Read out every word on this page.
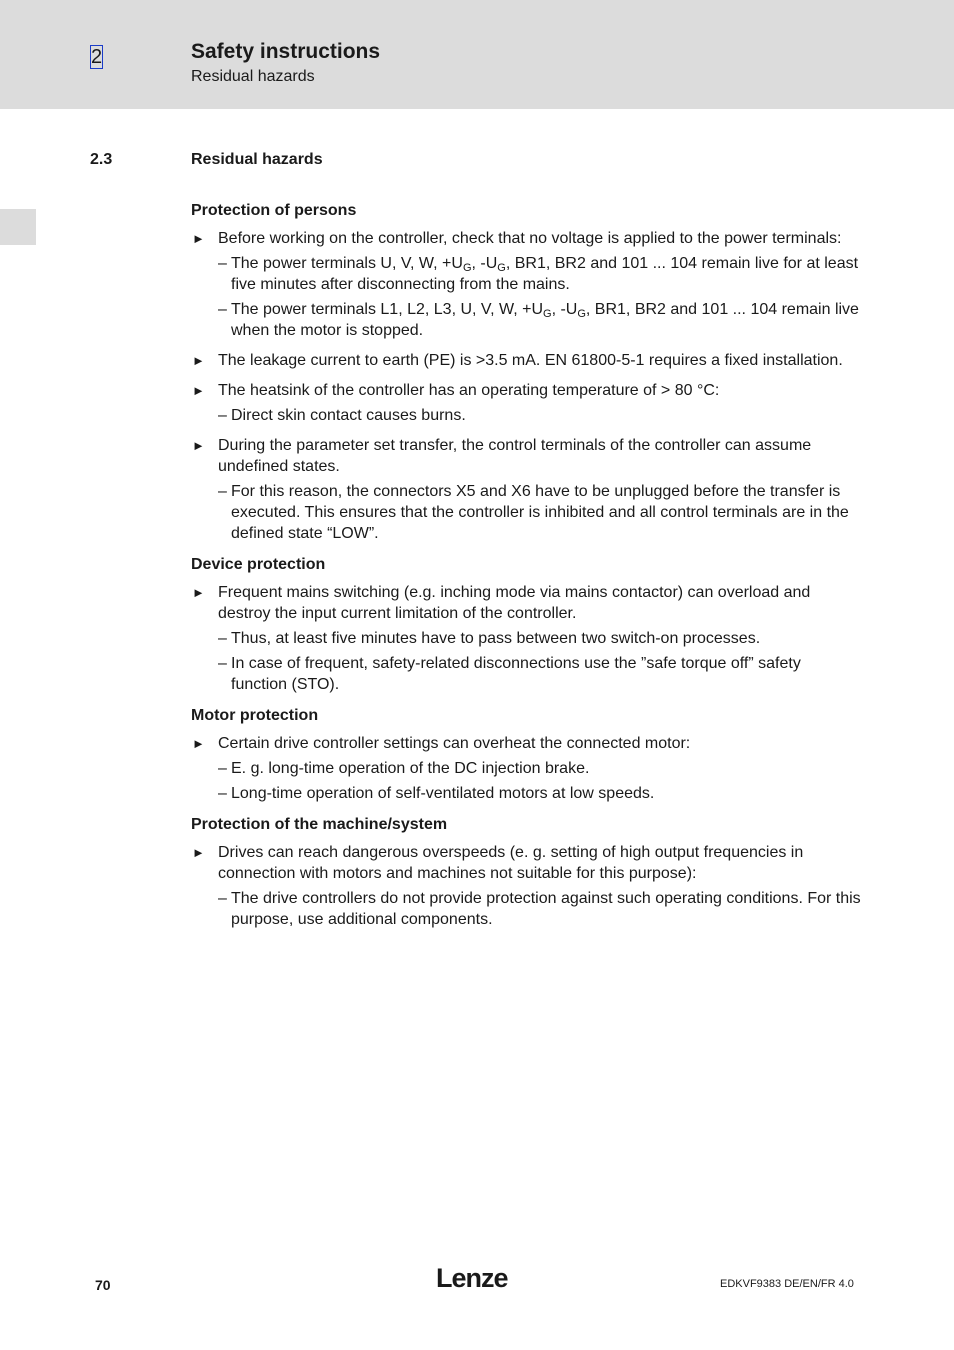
2	Safety instructions
Residual hazards
2.3	Residual hazards
Protection of persons
► Before working on the controller, check that no voltage is applied to the power terminals:
– The power terminals U, V, W, $+U_G$, $-U_G$, BR1, BR2 and 101 ... 104 remain live for at least five minutes after disconnecting from the mains.
– The power terminals L1, L2, L3, U, V, W, $+U_G$, $-U_G$, BR1, BR2 and 101 ... 104 remain live when the motor is stopped.
► The leakage current to earth (PE) is >3.5 mA. EN 61800-5-1 requires a fixed installation.
► The heatsink of the controller has an operating temperature of > 80 °C:
– Direct skin contact causes burns.
► During the parameter set transfer, the control terminals of the controller can assume undefined states.
– For this reason, the connectors X5 and X6 have to be unplugged before the transfer is executed. This ensures that the controller is inhibited and all control terminals are in the defined state “LOW”.
Device protection
► Frequent mains switching (e.g. inching mode via mains contactor) can overload and destroy the input current limitation of the controller.
– Thus, at least five minutes have to pass between two switch-on processes.
– In case of frequent, safety-related disconnections use the ”safe torque off” safety function (STO).
Motor protection
► Certain drive controller settings can overheat the connected motor:
– E. g. long-time operation of the DC injection brake.
– Long-time operation of self-ventilated motors at low speeds.
Protection of the machine/system
► Drives can reach dangerous overspeeds (e. g. setting of high output frequencies in connection with motors and machines not suitable for this purpose):
– The drive controllers do not provide protection against such operating conditions. For this purpose, use additional components.
70	Lenze	EDKVF9383 DE/EN/FR 4.0
